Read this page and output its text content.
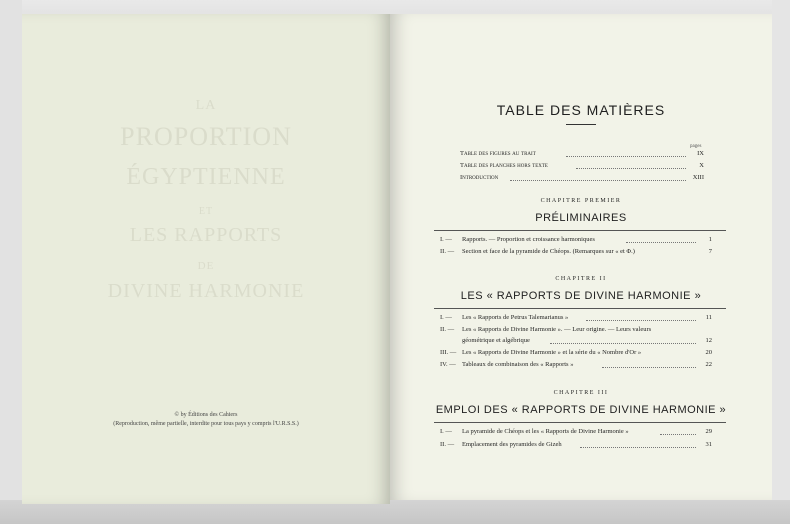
LA
PROPORTION
ÉGYPTIENNE
ET
LES RAPPORTS
DE
DIVINE HARMONIE
© by Éditions des Cahiers
(Reproduction, même partielle, interdite pour tous pays y compris l'U.R.S.S.)
TABLE DES MATIÈRES
pages
Table des figures au trait	IX
Table des planches hors texte	X
Introduction	XIII
CHAPITRE PREMIER
PRÉLIMINAIRES
I. — Rapports. — Proportion et croissance harmoniques	1
II. — Section et face de la pyramide de Chéops. (Remarques sur « et Φ.)	7
CHAPITRE II
LES « RAPPORTS DE DIVINE HARMONIE »
I. — Les « Rapports de Petrus Talemarianus »	11
II. — Les « Rapports de Divine Harmonie ». — Leur origine. — Leurs valeurs
géométrique et algébrique	12
III. — Les « Rapports de Divine Harmonie » et la série du « Nombre d'Or »	20
IV. — Tableaux de combinaison des « Rapports »	22
CHAPITRE III
EMPLOI DES « RAPPORTS DE DIVINE HARMONIE »
I. — La pyramide de Chéops et les « Rapports de Divine Harmonie »	29
II. — Emplacement des pyramides de Gizeh	31
